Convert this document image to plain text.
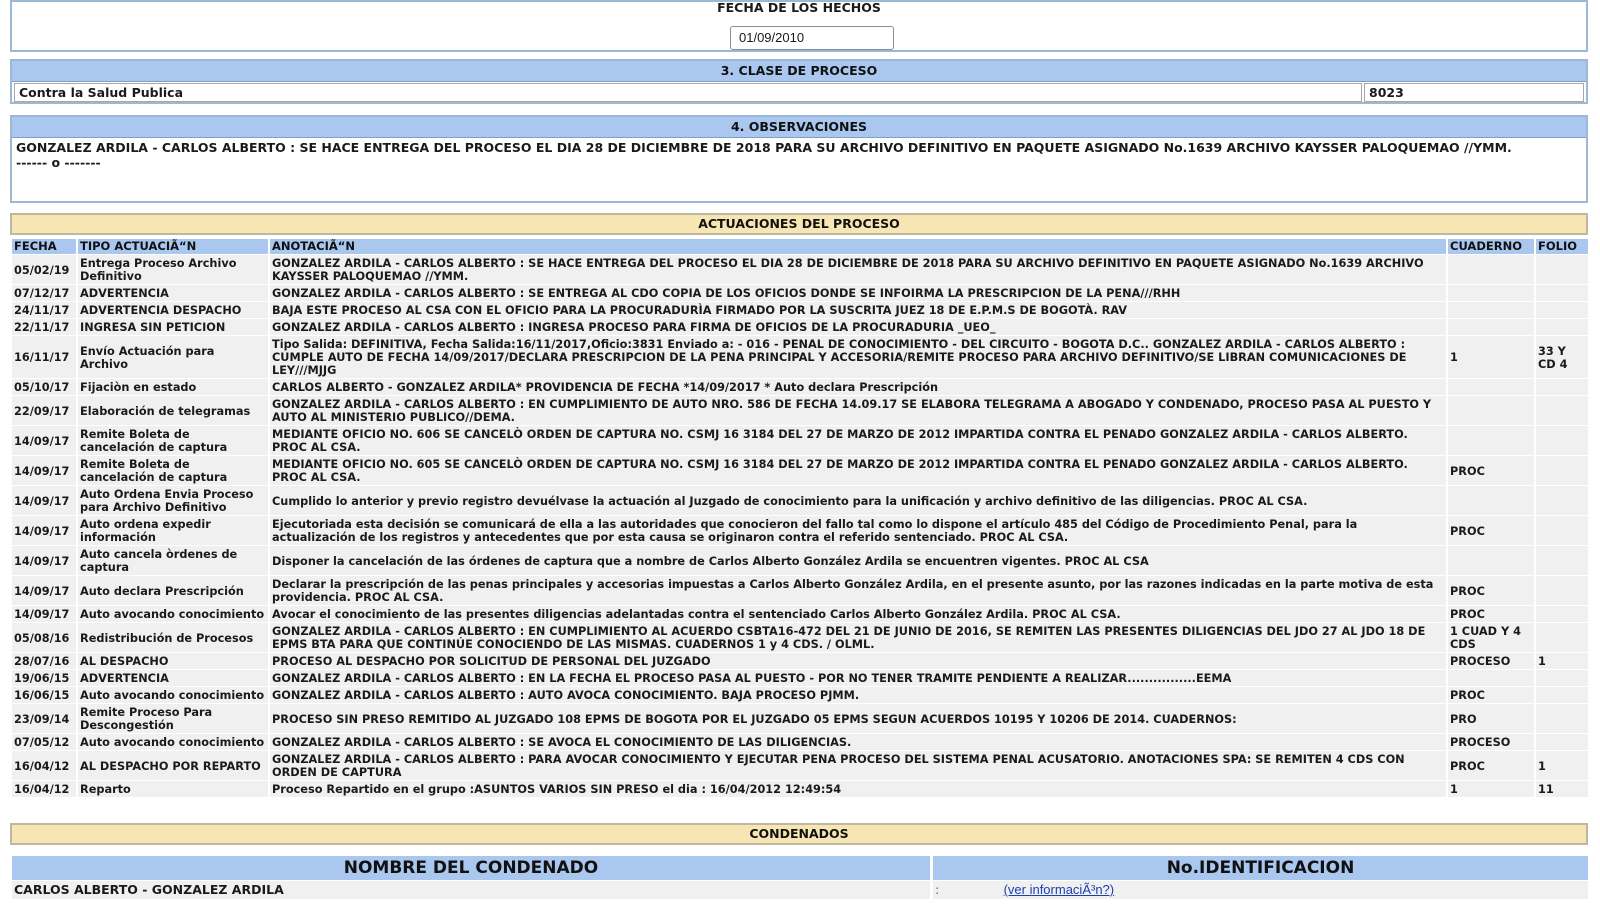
FECHA DE LOS HECHOS
01/09/2010
3. CLASE DE PROCESO
Contra la Salud Publica	8023
4. OBSERVACIONES
GONZALEZ ARDILA - CARLOS ALBERTO : SE HACE ENTREGA DEL PROCESO EL DIA 28 DE DICIEMBRE DE 2018 PARA SU ARCHIVO DEFINITIVO EN PAQUETE ASIGNADO No.1639 ARCHIVO KAYSSER PALOQUEMAO //YMM.
------ o -------
ACTUACIONES DEL PROCESO
FECHA	TIPO ACTUACIÃ“N	ANOTACIÃ“N	CUADERNO	FOLIO
05/02/19	Entrega Proceso Archivo Definitivo	GONZALEZ ARDILA - CARLOS ALBERTO : SE HACE ENTREGA DEL PROCESO EL DIA 28 DE DICIEMBRE DE 2018 PARA SU ARCHIVO DEFINITIVO EN PAQUETE ASIGNADO No.1639 ARCHIVO KAYSSER PALOQUEMAO //YMM.		
07/12/17	ADVERTENCIA	GONZALEZ ARDILA - CARLOS ALBERTO : SE ENTREGA AL CDO COPIA DE LOS OFICIOS DONDE SE INFOIRMA LA PRESCRIPCION DE LA PENA///RHH		
24/11/17	ADVERTENCIA DESPACHO	BAJA ESTE PROCESO AL CSA CON EL OFICIO PARA LA PROCURADURÌA FIRMADO POR LA SUSCRITA JUEZ 18 DE E.P.M.S DE BOGOTÀ. RAV		
22/11/17	INGRESA SIN PETICION	GONZALEZ ARDILA - CARLOS ALBERTO : INGRESA PROCESO PARA FIRMA DE OFICIOS DE LA PROCURADURIA _UEO_		
16/11/17	Envío Actuación para Archivo	Tipo Salida: DEFINITIVA, Fecha Salida:16/11/2017,Oficio:3831 Enviado a: - 016 - PENAL DE CONOCIMIENTO - DEL CIRCUITO - BOGOTA D.C.. GONZALEZ ARDILA - CARLOS ALBERTO : CUMPLE AUTO DE FECHA 14/09/2017/DECLARA PRESCRIPCION DE LA PENA PRINCIPAL Y ACCESORIA/REMITE PROCESO PARA ARCHIVO DEFINITIVO/SE LIBRAN COMUNICACIONES DE LEY///MJJG	1	33 Y CD 4
05/10/17	Fijaciòn en estado	CARLOS ALBERTO - GONZALEZ ARDILA* PROVIDENCIA DE FECHA *14/09/2017 * Auto declara Prescripción		
22/09/17	Elaboración de telegramas	GONZALEZ ARDILA - CARLOS ALBERTO : EN CUMPLIMIENTO DE AUTO NRO. 586 DE FECHA 14.09.17 SE ELABORA TELEGRAMA A ABOGADO Y CONDENADO, PROCESO PASA AL PUESTO Y AUTO AL MINISTERIO PUBLICO//DEMA.		
14/09/17	Remite Boleta de cancelación de captura	MEDIANTE OFICIO NO. 606 SE CANCELÒ ORDEN DE CAPTURA NO. CSMJ 16 3184 DEL 27 DE MARZO DE 2012 IMPARTIDA CONTRA EL PENADO GONZALEZ ARDILA - CARLOS ALBERTO. PROC AL CSA.		
14/09/17	Remite Boleta de cancelación de captura	MEDIANTE OFICIO NO. 605 SE CANCELÒ ORDEN DE CAPTURA NO. CSMJ 16 3184 DEL 27 DE MARZO DE 2012 IMPARTIDA CONTRA EL PENADO GONZALEZ ARDILA - CARLOS ALBERTO. PROC AL CSA.	PROC	
14/09/17	Auto Ordena Envia Proceso para Archivo Definitivo	Cumplido lo anterior y previo registro devuélvase la actuación al Juzgado de conocimiento para la unificación y archivo definitivo de las diligencias. PROC AL CSA.		
14/09/17	Auto ordena expedir información	Ejecutoriada esta decisión se comunicará de ella a las autoridades que conocieron del fallo tal como lo dispone el artículo 485 del Código de Procedimiento Penal, para la actualización de los registros y antecedentes que por esta causa se originaron contra el referido sentenciado. PROC AL CSA.	PROC	
14/09/17	Auto cancela òrdenes de captura	Disponer la cancelación de las órdenes de captura que a nombre de Carlos Alberto González Ardila se encuentren vigentes. PROC AL CSA		
14/09/17	Auto declara Prescripción	Declarar la prescripción de las penas principales y accesorias impuestas a Carlos Alberto González Ardila, en el presente asunto, por las razones indicadas en la parte motiva de esta providencia. PROC AL CSA.	PROC	
14/09/17	Auto avocando conocimiento	Avocar el conocimiento de las presentes diligencias adelantadas contra el sentenciado Carlos Alberto González Ardila. PROC AL CSA.	PROC	
05/08/16	Redistribución de Procesos	GONZALEZ ARDILA - CARLOS ALBERTO : EN CUMPLIMIENTO AL ACUERDO CSBTA16-472 DEL 21 DE JUNIO DE 2016, SE REMITEN LAS PRESENTES DILIGENCIAS DEL JDO 27 AL JDO 18 DE EPMS BTA PARA QUE CONTINÚE CONOCIENDO DE LAS MISMAS. CUADERNOS 1 y 4 CDS. / OLML.	1 CUAD Y 4 CDS	
28/07/16	AL DESPACHO	PROCESO AL DESPACHO POR SOLICITUD DE PERSONAL DEL JUZGADO	PROCESO	1
19/06/15	ADVERTENCIA	GONZALEZ ARDILA - CARLOS ALBERTO : EN LA FECHA EL PROCESO PASA AL PUESTO - POR NO TENER TRAMITE PENDIENTE A REALIZAR................EEMA		
16/06/15	Auto avocando conocimiento	GONZALEZ ARDILA - CARLOS ALBERTO : AUTO AVOCA CONOCIMIENTO. BAJA PROCESO PJMM.	PROC	
23/09/14	Remite Proceso Para Descongestión	PROCESO SIN PRESO REMITIDO AL JUZGADO 108 EPMS DE BOGOTA POR EL JUZGADO 05 EPMS SEGUN ACUERDOS 10195 Y 10206 DE 2014. CUADERNOS:	PRO	
07/05/12	Auto avocando conocimiento	GONZALEZ ARDILA - CARLOS ALBERTO : SE AVOCA EL CONOCIMIENTO DE LAS DILIGENCIAS.	PROCESO	
16/04/12	AL DESPACHO POR REPARTO	GONZALEZ ARDILA - CARLOS ALBERTO : PARA AVOCAR CONOCIMIENTO Y EJECUTAR PENA PROCESO DEL SISTEMA PENAL ACUSATORIO. ANOTACIONES SPA: SE REMITEN 4 CDS CON ORDEN DE CAPTURA	PROC	1
16/04/12	Reparto	Proceso Repartido en el grupo :ASUNTOS VARIOS SIN PRESO el dia : 16/04/2012 12:49:54	1	11
CONDENADOS
NOMBRE DEL CONDENADO	No.IDENTIFICACION
CARLOS ALBERTO - GONZALEZ ARDILA	:	(ver informaciÃ³n?)
